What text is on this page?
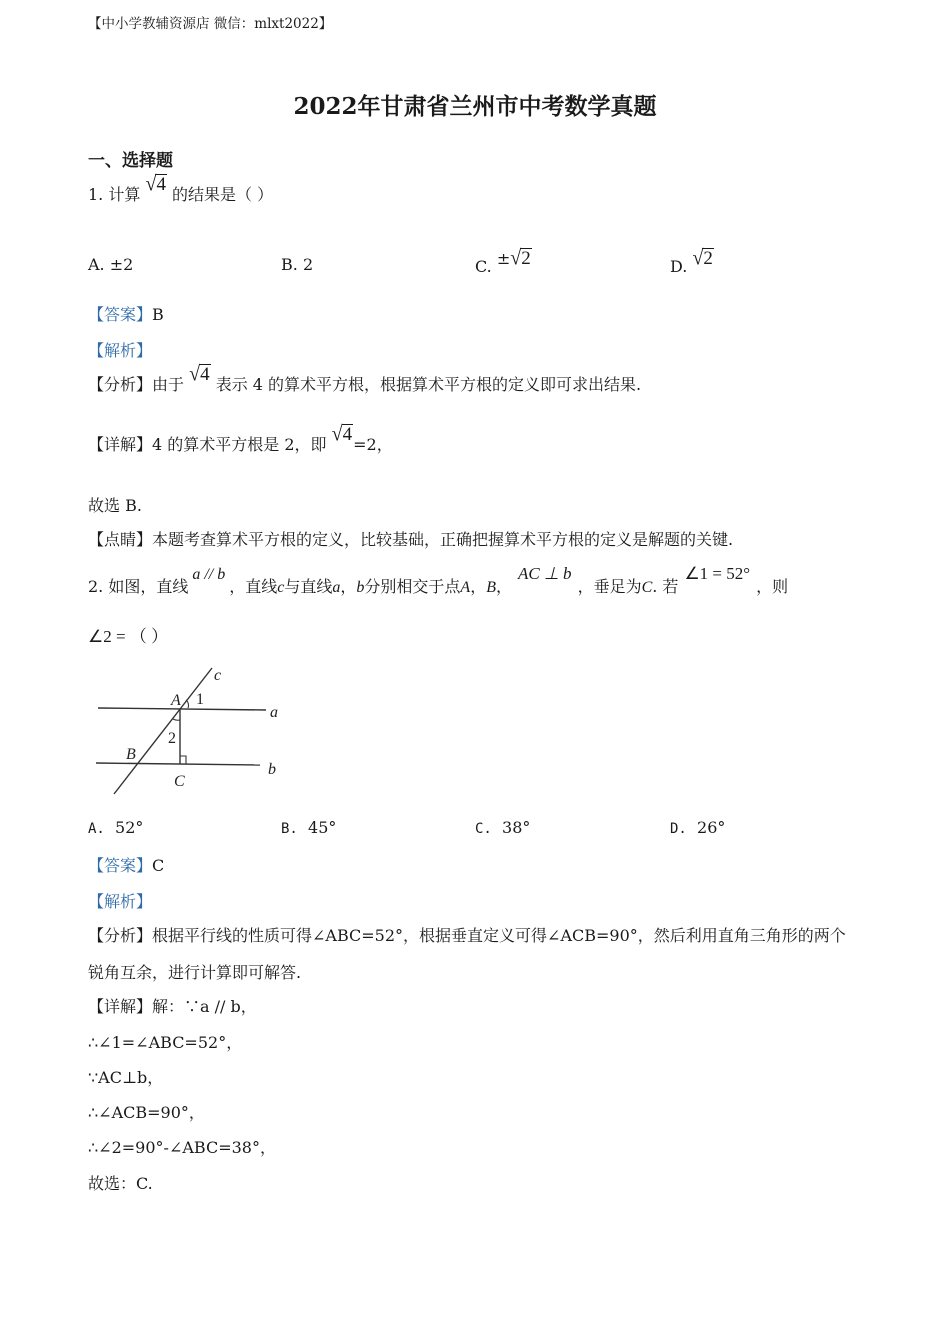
【中小学教辅资源店 微信：mlxt2022】
2022年甘肃省兰州市中考数学真题
一、选择题
1. 计算 √4 的结果是（ ）
A. ±2	B. 2	C. ±√2	D. √2
【答案】B
【解析】
【分析】由于 √4 表示 4 的算术平方根，根据算术平方根的定义即可求出结果.
【详解】4 的算术平方根是 2，即 √4=2，
故选 B.
【点睛】本题考查算术平方根的定义，比较基础，正确把握算术平方根的定义是解题的关键.
2. 如图，直线a // b，直线c与直线a，b分别相交于点A，B，AC ⊥ b，垂足为C. 若∠1 = 52°，则
∠2 = （ ）
c
A 1
a
2
B
C
b
A. 52°	B. 45°	C. 38°	D. 26°
【答案】C
【解析】
【分析】根据平行线的性质可得∠ABC=52°，根据垂直定义可得∠ACB=90°，然后利用直角三角形的两个
锐角互余，进行计算即可解答.
【详解】解：∵a // b，
∴∠1=∠ABC=52°，
∵AC⊥b，
∴∠ACB=90°，
∴∠2=90°-∠ABC=38°，
故选：C.
